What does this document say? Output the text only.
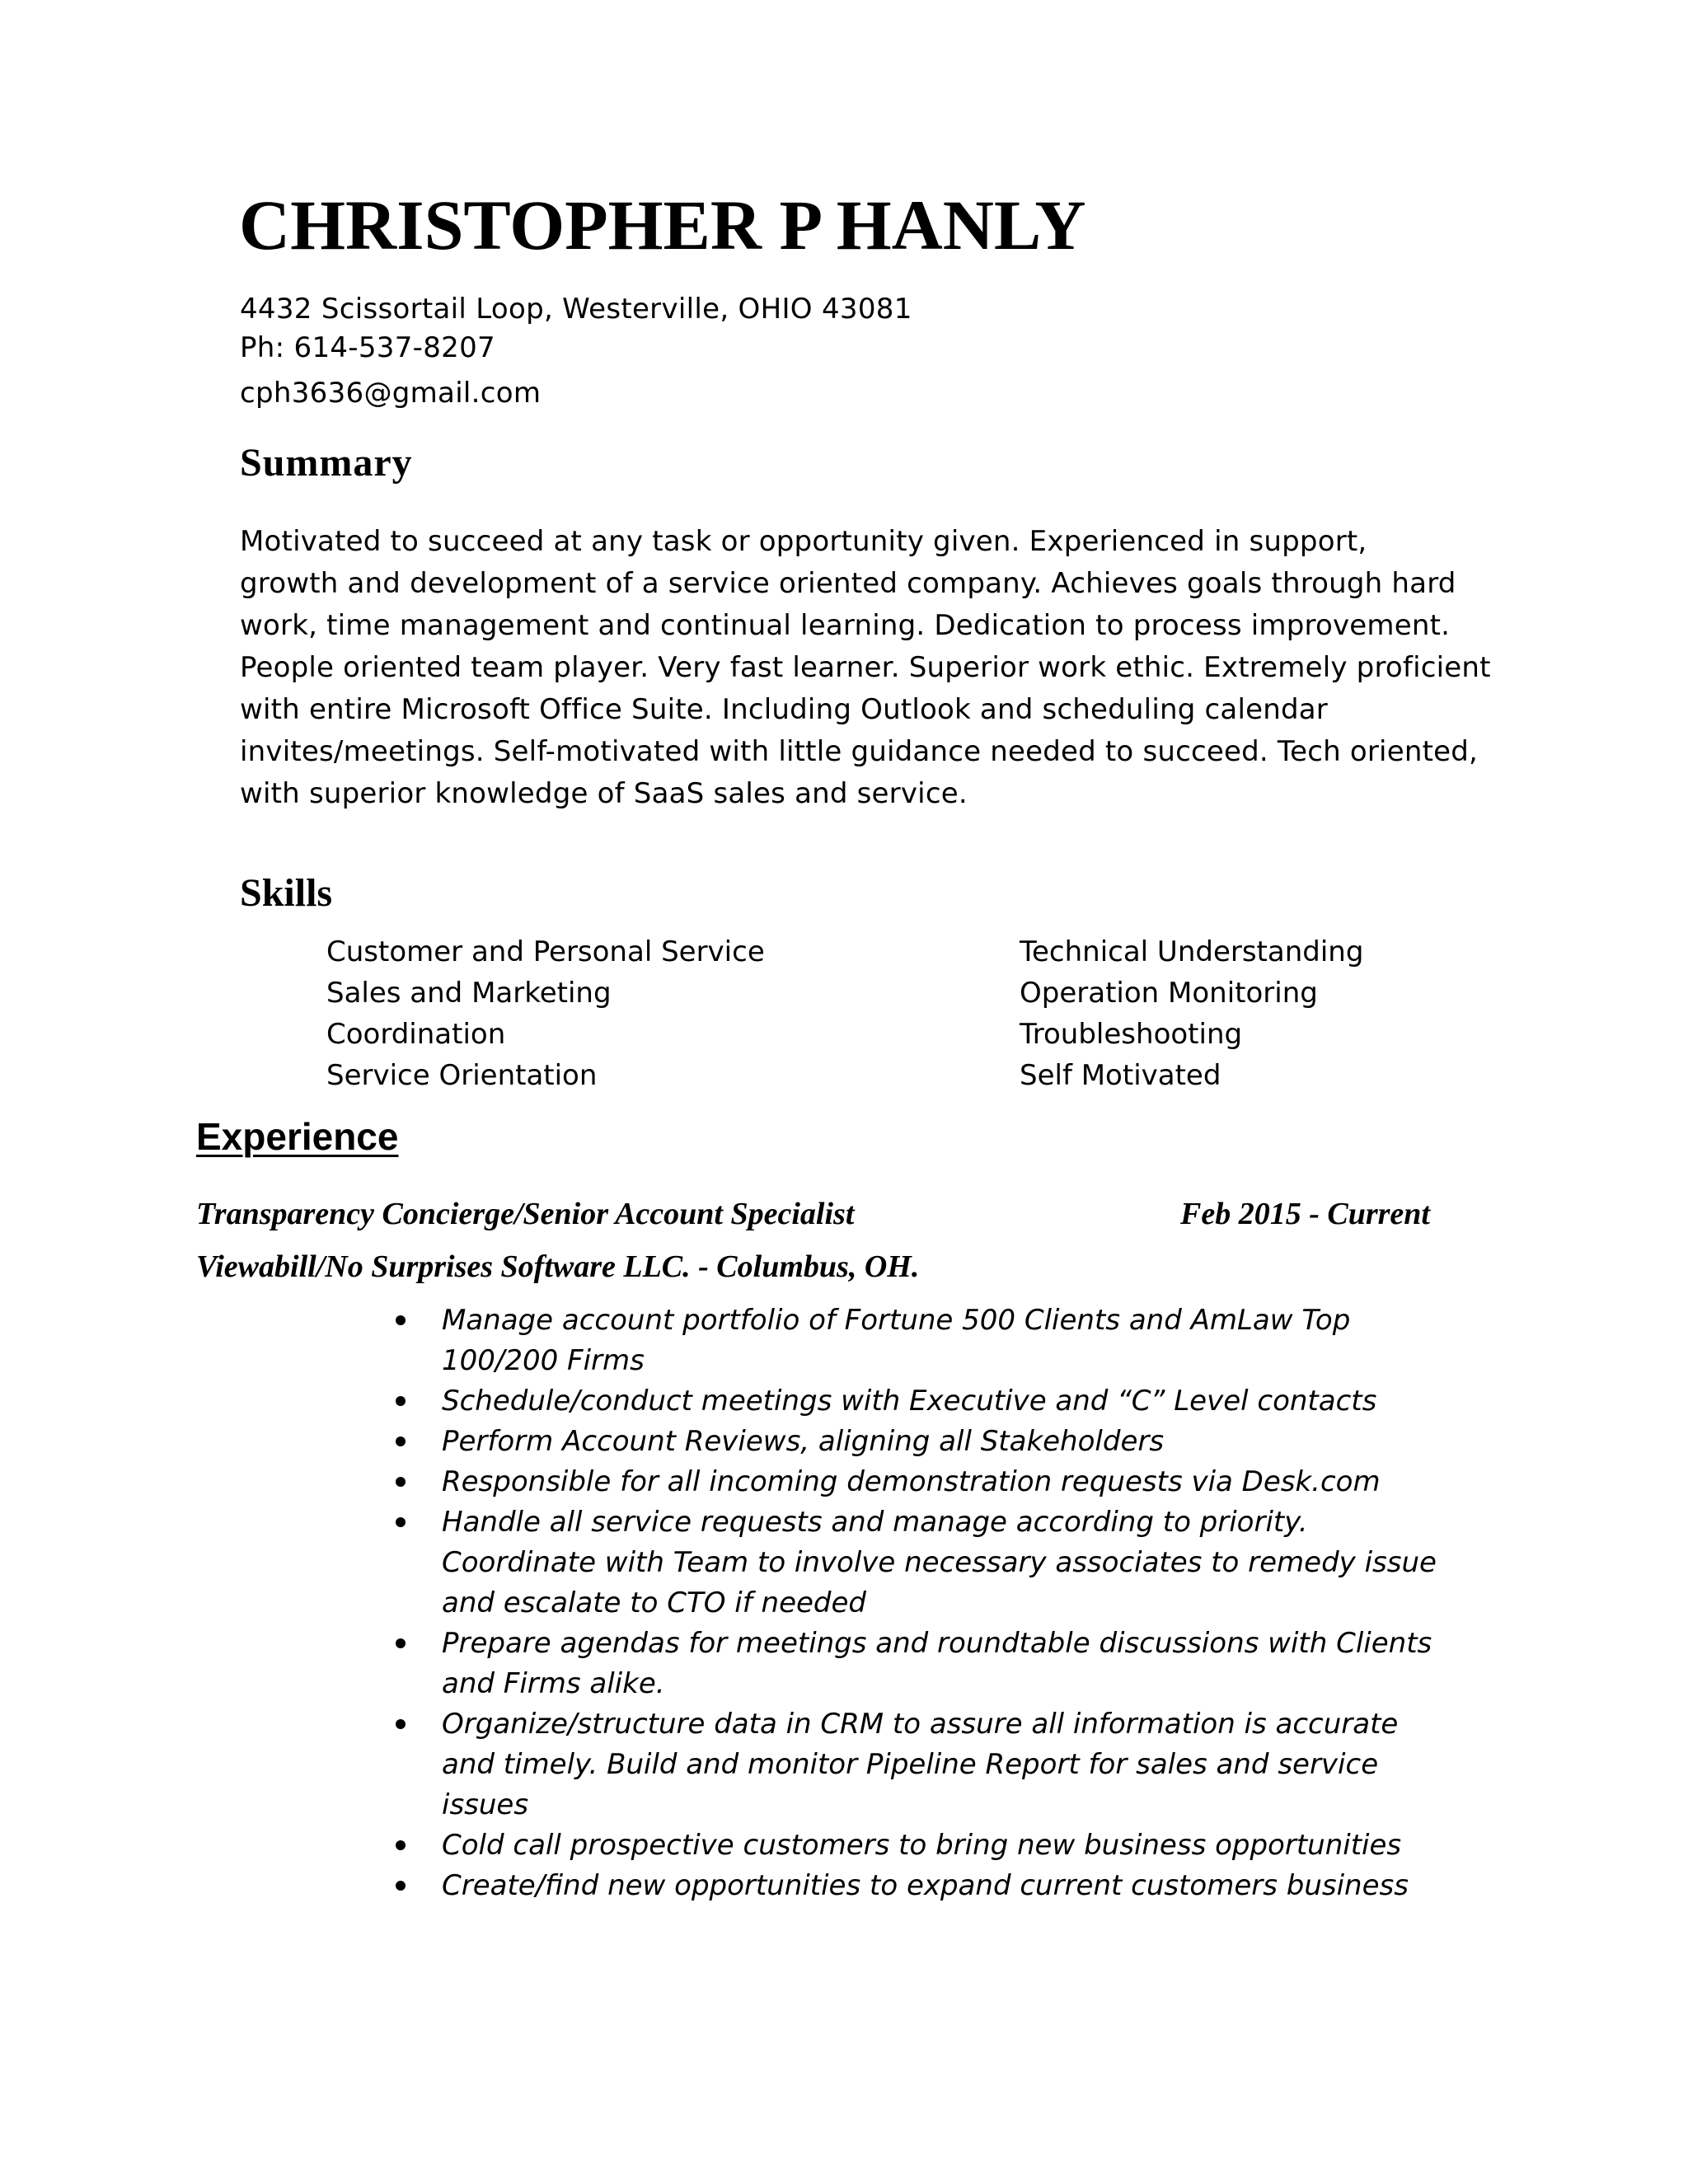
CHRISTOPHER P HANLY
4432 Scissortail Loop, Westerville, OHIO 43081
Ph: 614-537-8207
cph3636@gmail.com
Summary
Motivated to succeed at any task or opportunity given. Experienced in support,
growth and development of a service oriented company. Achieves goals through hard
work, time management and continual learning. Dedication to process improvement.
People oriented team player. Very fast learner. Superior work ethic. Extremely proficient
with entire Microsoft Office Suite. Including Outlook and scheduling calendar
invites/meetings. Self-motivated with little guidance needed to succeed. Tech oriented,
with superior knowledge of SaaS sales and service.
Skills
Customer and Personal Service
Sales and Marketing
Coordination
Service Orientation
Technical Understanding
Operation Monitoring
Troubleshooting
Self Motivated
Experience
Transparency Concierge/Senior Account Specialist	Feb 2015 - Current
Viewabill/No Surprises Software LLC. - Columbus, OH.
Manage account portfolio of Fortune 500 Clients and AmLaw Top
100/200 Firms
Schedule/conduct meetings with Executive and “C” Level contacts
Perform Account Reviews, aligning all Stakeholders
Responsible for all incoming demonstration requests via Desk.com
Handle all service requests and manage according to priority.
Coordinate with Team to involve necessary associates to remedy issue
and escalate to CTO if needed
Prepare agendas for meetings and roundtable discussions with Clients
and Firms alike.
Organize/structure data in CRM to assure all information is accurate
and timely. Build and monitor Pipeline Report for sales and service
issues
Cold call prospective customers to bring new business opportunities
Create/find new opportunities to expand current customers business
